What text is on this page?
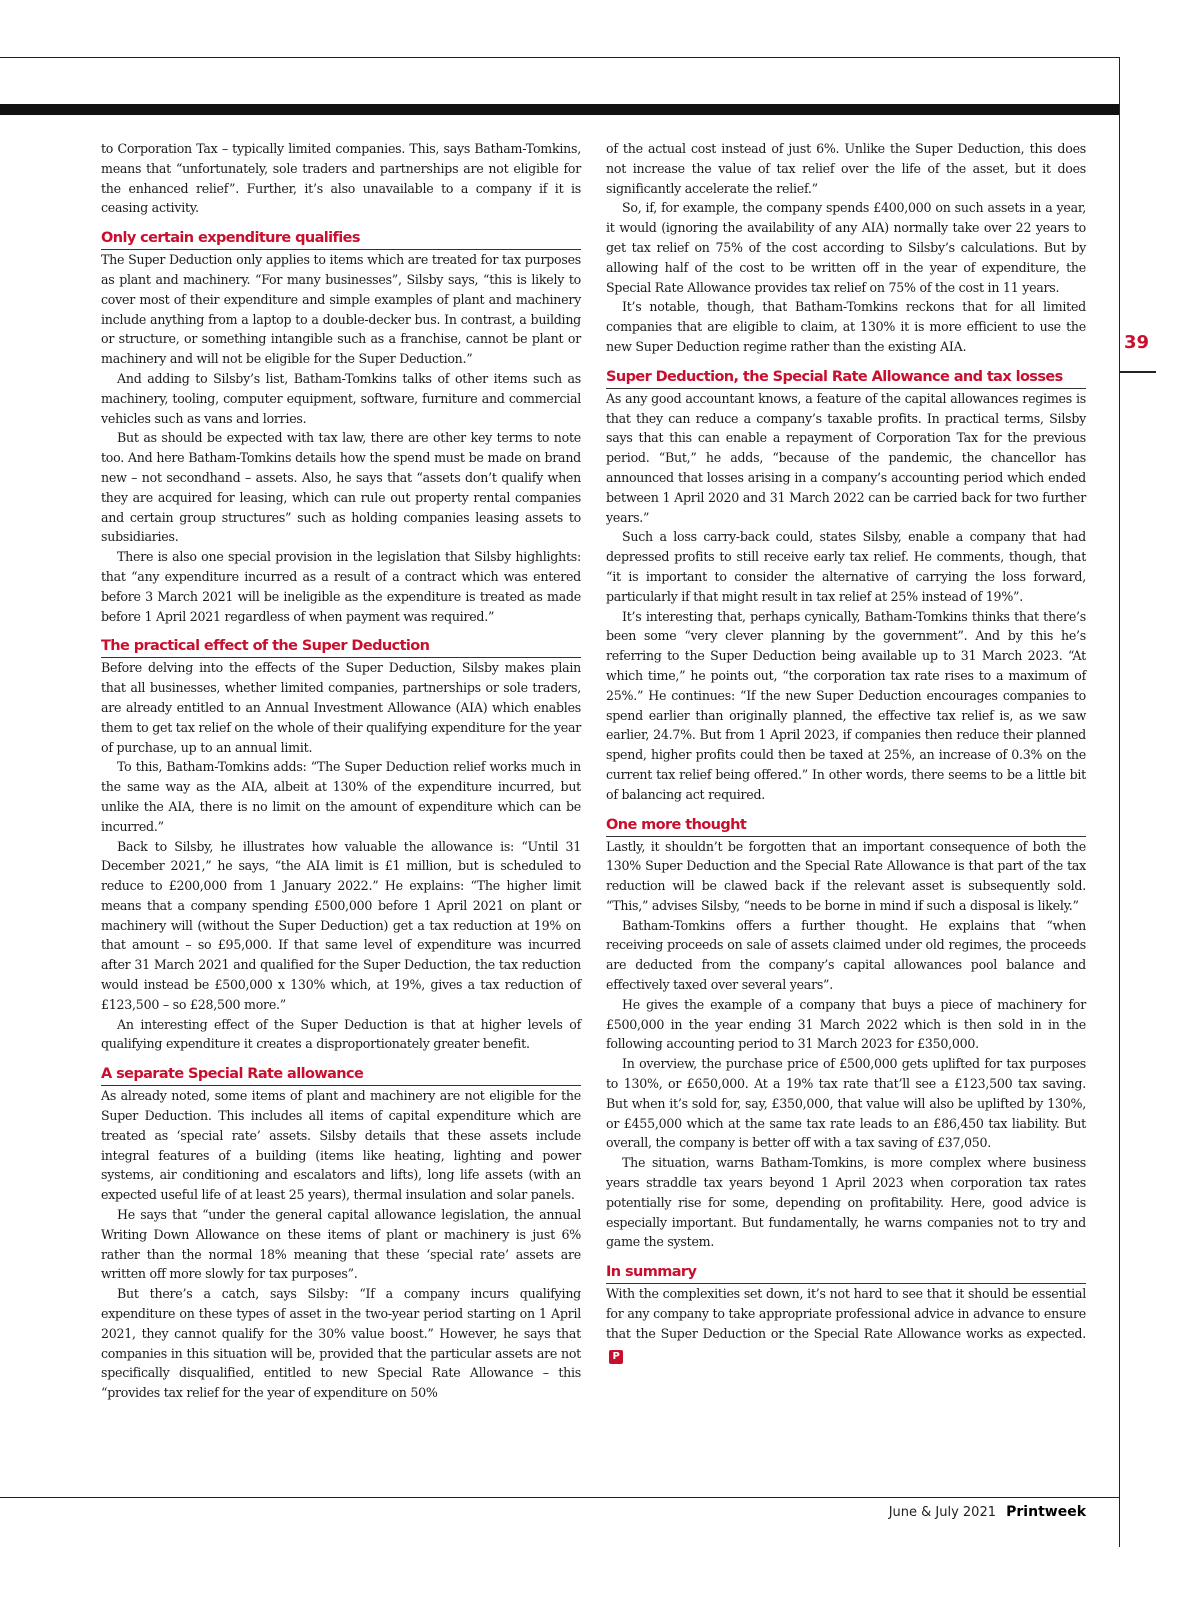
39

to Corporation Tax – typically limited companies. This, says Batham-Tomkins, means that “unfortunately, sole traders and partnerships are not eligible for the enhanced relief”. Further, it’s also unavailable to a company if it is ceasing activity.

Only certain expenditure qualifies

The Super Deduction only applies to items which are treated for tax purposes as plant and machinery. “For many businesses”, Silsby says, “this is likely to cover most of their expenditure and simple examples of plant and machinery include anything from a laptop to a double-decker bus. In contrast, a building or structure, or something intangible such as a franchise, cannot be plant or machinery and will not be eligible for the Super Deduction.”

And adding to Silsby’s list, Batham-Tomkins talks of other items such as machinery, tooling, computer equipment, software, furniture and commercial vehicles such as vans and lorries.

But as should be expected with tax law, there are other key terms to note too. And here Batham-Tomkins details how the spend must be made on brand new – not secondhand – assets. Also, he says that “assets don’t qualify when they are acquired for leasing, which can rule out property rental companies and certain group structures” such as holding companies leasing assets to subsidiaries.

There is also one special provision in the legislation that Silsby highlights: that “any expenditure incurred as a result of a contract which was entered before 3 March 2021 will be ineligible as the expenditure is treated as made before 1 April 2021 regardless of when payment was required.”

The practical effect of the Super Deduction

Before delving into the effects of the Super Deduction, Silsby makes plain that all businesses, whether limited companies, partnerships or sole traders, are already entitled to an Annual Investment Allowance (AIA) which enables them to get tax relief on the whole of their qualifying expenditure for the year of purchase, up to an annual limit.

To this, Batham-Tomkins adds: “The Super Deduction relief works much in the same way as the AIA, albeit at 130% of the expenditure incurred, but unlike the AIA, there is no limit on the amount of expenditure which can be incurred.”

Back to Silsby, he illustrates how valuable the allowance is: “Until 31 December 2021,” he says, “the AIA limit is £1 million, but is scheduled to reduce to £200,000 from 1 January 2022.” He explains: “The higher limit means that a company spending £500,000 before 1 April 2021 on plant or machinery will (without the Super Deduction) get a tax reduction at 19% on that amount – so £95,000. If that same level of expenditure was incurred after 31 March 2021 and qualified for the Super Deduction, the tax reduction would instead be £500,000 x 130% which, at 19%, gives a tax reduction of £123,500 – so £28,500 more.”

An interesting effect of the Super Deduction is that at higher levels of qualifying expenditure it creates a disproportionately greater benefit.

A separate Special Rate allowance

As already noted, some items of plant and machinery are not eligible for the Super Deduction. This includes all items of capital expenditure which are treated as ‘special rate’ assets. Silsby details that these assets include integral features of a building (items like heating, lighting and power systems, air conditioning and escalators and lifts), long life assets (with an expected useful life of at least 25 years), thermal insulation and solar panels.

He says that “under the general capital allowance legislation, the annual Writing Down Allowance on these items of plant or machinery is just 6% rather than the normal 18% meaning that these ‘special rate’ assets are written off more slowly for tax purposes”.

But there’s a catch, says Silsby: “If a company incurs qualifying expenditure on these types of asset in the two-year period starting on 1 April 2021, they cannot qualify for the 30% value boost.” However, he says that companies in this situation will be, provided that the particular assets are not specifically disqualified, entitled to new Special Rate Allowance – this “provides tax relief for the year of expenditure on 50%

of the actual cost instead of just 6%. Unlike the Super Deduction, this does not increase the value of tax relief over the life of the asset, but it does significantly accelerate the relief.”

So, if, for example, the company spends £400,000 on such assets in a year, it would (ignoring the availability of any AIA) normally take over 22 years to get tax relief on 75% of the cost according to Silsby’s calculations. But by allowing half of the cost to be written off in the year of expenditure, the Special Rate Allowance provides tax relief on 75% of the cost in 11 years.

It’s notable, though, that Batham-Tomkins reckons that for all limited companies that are eligible to claim, at 130% it is more efficient to use the new Super Deduction regime rather than the existing AIA.

Super Deduction, the Special Rate Allowance and tax losses

As any good accountant knows, a feature of the capital allowances regimes is that they can reduce a company’s taxable profits. In practical terms, Silsby says that this can enable a repayment of Corporation Tax for the previous period. “But,” he adds, “because of the pandemic, the chancellor has announced that losses arising in a company’s accounting period which ended between 1 April 2020 and 31 March 2022 can be carried back for two further years.”

Such a loss carry-back could, states Silsby, enable a company that had depressed profits to still receive early tax relief. He comments, though, that “it is important to consider the alternative of carrying the loss forward, particularly if that might result in tax relief at 25% instead of 19%”.

It’s interesting that, perhaps cynically, Batham-Tomkins thinks that there’s been some “very clever planning by the government”. And by this he’s referring to the Super Deduction being available up to 31 March 2023. “At which time,” he points out, “the corporation tax rate rises to a maximum of 25%.” He continues: “If the new Super Deduction encourages companies to spend earlier than originally planned, the effective tax relief is, as we saw earlier, 24.7%. But from 1 April 2023, if companies then reduce their planned spend, higher profits could then be taxed at 25%, an increase of 0.3% on the current tax relief being offered.” In other words, there seems to be a little bit of balancing act required.

One more thought

Lastly, it shouldn’t be forgotten that an important consequence of both the 130% Super Deduction and the Special Rate Allowance is that part of the tax reduction will be clawed back if the relevant asset is subsequently sold. “This,” advises Silsby, “needs to be borne in mind if such a disposal is likely.”

Batham-Tomkins offers a further thought. He explains that “when receiving proceeds on sale of assets claimed under old regimes, the proceeds are deducted from the company’s capital allowances pool balance and effectively taxed over several years”.

He gives the example of a company that buys a piece of machinery for £500,000 in the year ending 31 March 2022 which is then sold in in the following accounting period to 31 March 2023 for £350,000.

In overview, the purchase price of £500,000 gets uplifted for tax purposes to 130%, or £650,000. At a 19% tax rate that’ll see a £123,500 tax saving. But when it’s sold for, say, £350,000, that value will also be uplifted by 130%, or £455,000 which at the same tax rate leads to an £86,450 tax liability. But overall, the company is better off with a tax saving of £37,050.

The situation, warns Batham-Tomkins, is more complex where business years straddle tax years beyond 1 April 2023 when corporation tax rates potentially rise for some, depending on profitability. Here, good advice is especially important. But fundamentally, he warns companies not to try and game the system.

In summary

With the complexities set down, it’s not hard to see that it should be essential for any company to take appropriate professional advice in advance to ensure that the Super Deduction or the Special Rate Allowance works as expected.P

June & July 2021 Printweek
